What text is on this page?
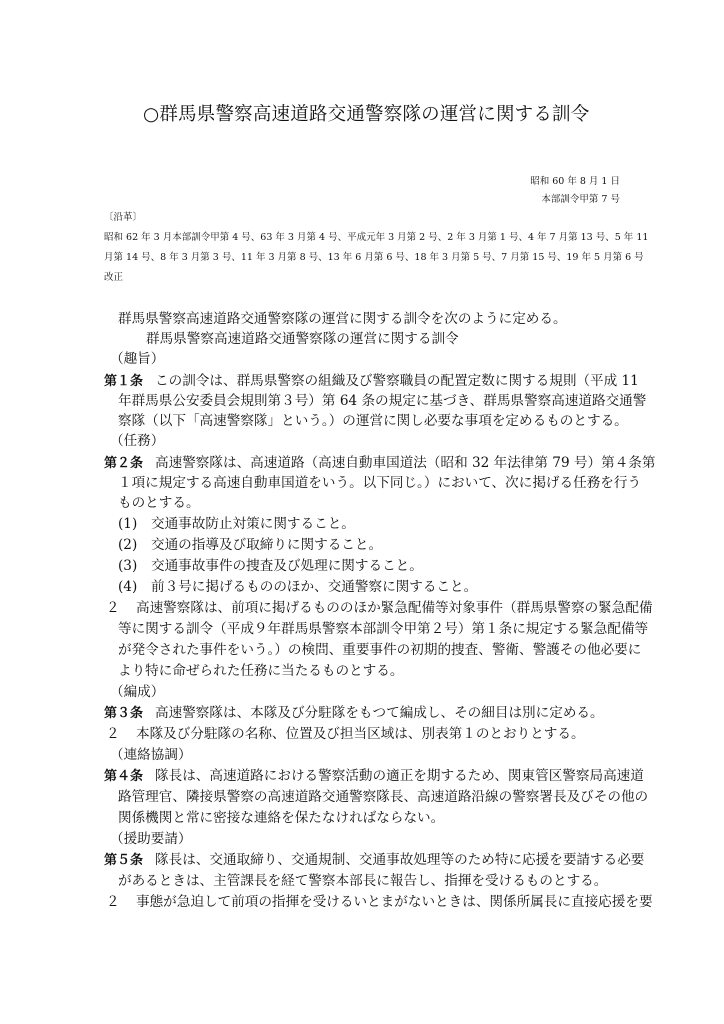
○群馬県警察高速道路交通警察隊の運営に関する訓令
昭和 60 年 8 月 1 日
本部訓令甲第 7 号
〔沿革〕
昭和 62 年 3 月本部訓令甲第 4 号、63 年 3 月第 4 号、平成元年 3 月第 2 号、2 年 3 月第 1 号、4 年 7 月第 13 号、5 年 11
月第 14 号、8 年 3 月第 3 号、11 年 3 月第 8 号、13 年 6 月第 6 号、18 年 3 月第 5 号、7 月第 15 号、19 年 5 月第 6 号
改正
群馬県警察高速道路交通警察隊の運営に関する訓令を次のように定める。
群馬県警察高速道路交通警察隊の運営に関する訓令
（趣旨）
第１条 この訓令は、群馬県警察の組織及び警察職員の配置定数に関する規則（平成 11
年群馬県公安委員会規則第３号）第 64 条の規定に基づき、群馬県警察高速道路交通警
察隊（以下「高速警察隊」という。）の運営に関し必要な事項を定めるものとする。
（任務）
第２条 高速警察隊は、高速道路（高速自動車国道法（昭和 32 年法律第 79 号）第４条第
１項に規定する高速自動車国道をいう。以下同じ。）において、次に掲げる任務を行う
ものとする。
(1) 交通事故防止対策に関すること。
(2) 交通の指導及び取締りに関すること。
(3) 交通事故事件の捜査及び処理に関すること。
(4) 前３号に掲げるもののほか、交通警察に関すること。
２ 高速警察隊は、前項に掲げるもののほか緊急配備等対象事件（群馬県警察の緊急配備
等に関する訓令（平成９年群馬県警察本部訓令甲第２号）第１条に規定する緊急配備等
が発令された事件をいう。）の検問、重要事件の初期的捜査、警衛、警護その他必要に
より特に命ぜられた任務に当たるものとする。
（編成）
第３条 高速警察隊は、本隊及び分駐隊をもつて編成し、その細目は別に定める。
２ 本隊及び分駐隊の名称、位置及び担当区域は、別表第１のとおりとする。
（連絡協調）
第４条 隊長は、高速道路における警察活動の適正を期するため、関東管区警察局高速道
路管理官、隣接県警察の高速道路交通警察隊長、高速道路沿線の警察署長及びその他の
関係機関と常に密接な連絡を保たなければならない。
（援助要請）
第５条 隊長は、交通取締り、交通規制、交通事故処理等のため特に応援を要請する必要
があるときは、主管課長を経て警察本部長に報告し、指揮を受けるものとする。
２ 事態が急迫して前項の指揮を受けるいとまがないときは、関係所属長に直接応援を要
